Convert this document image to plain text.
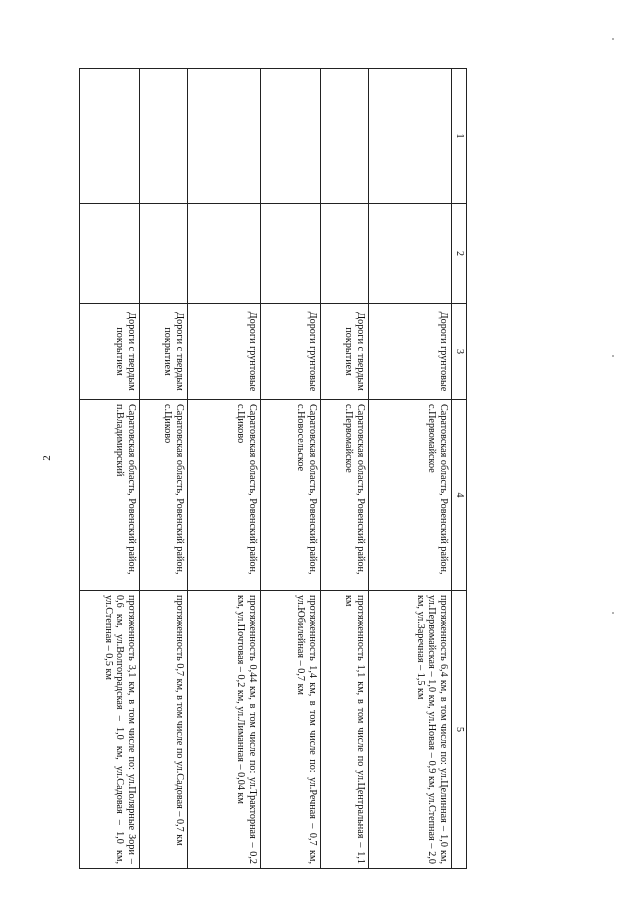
2
1	2	3	4	5
		Дороги грунтовые	Саратовская область, Ровенский район, с.Первомайское	протяженность 6,4 км, в том числе по: ул.Целинная – 1,0 км, ул.Первомайская – 1,0 км, ул.Новая – 0,9 км, ул.Степная – 2,0 км, ул.Заречная – 1,5 км
		Дороги с твердым покрытием	Саратовская область, Ровенский район, с.Первомайское	протяженность 1,1 км, в том числе по ул.Центральная – 1,1 км
		Дороги грунтовые	Саратовская область, Ровенский район, с.Новосельское	протяженность 1,4 км, в том числе по: ул.Речная – 0,7 км, ул.Юбилейная – 0,7 км
		Дороги грунтовые	Саратовская область, Ровенский район, с.Циково	протяженность 0,44 км, в том числе по: ул.Тракторная – 0,2 км, ул.Почтовая – 0,2 км, ул.Лиманная – 0,04 км
		Дороги с твердым покрытием	Саратовская область, Ровенский район, с.Циково	протяженность 0,7 км, в том числе по ул.Садовая – 0,7 км
		Дороги с твердым покрытием	Саратовская область, Ровенский район, п.Владимирский	протяженность 3,1 км, в том числе по: ул.Полярные Зори – 0,6 км, ул.Волгоградская – 1,0 км, ул.Садовая – 1,0 км, ул.Степная – 0,5 км
